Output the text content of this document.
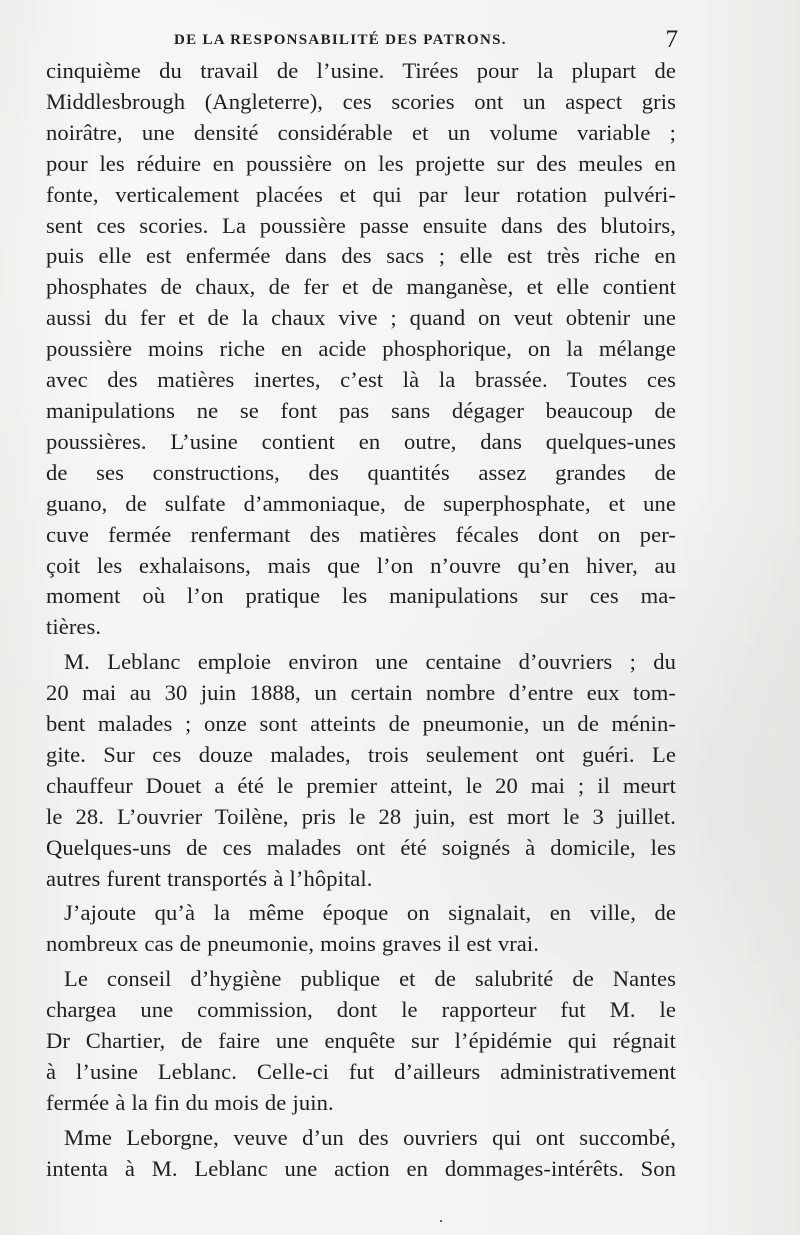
DE LA RESPONSABILITÉ DES PATRONS.	7
cinquième du travail de l’usine. Tirées pour la plupart de
Middlesbrough (Angleterre), ces scories ont un aspect gris
noirâtre, une densité considérable et un volume variable ;
pour les réduire en poussière on les projette sur des meules en
fonte, verticalement placées et qui par leur rotation pulvéri-
sent ces scories. La poussière passe ensuite dans des blutoirs,
puis elle est enfermée dans des sacs ; elle est très riche en
phosphates de chaux, de fer et de manganèse, et elle contient
aussi du fer et de la chaux vive ; quand on veut obtenir une
poussière moins riche en acide phosphorique, on la mélange
avec des matières inertes, c’est là la brassée. Toutes ces
manipulations ne se font pas sans dégager beaucoup de
poussières. L’usine contient en outre, dans quelques-unes
de ses constructions, des quantités assez grandes de
guano, de sulfate d’ammoniaque, de superphosphate, et une
cuve fermée renfermant des matières fécales dont on per-
çoit les exhalaisons, mais que l’on n’ouvre qu’en hiver, au
moment où l’on pratique les manipulations sur ces ma-
tières.
M. Leblanc emploie environ une centaine d’ouvriers ; du
20 mai au 30 juin 1888, un certain nombre d’entre eux tom-
bent malades ; onze sont atteints de pneumonie, un de ménin-
gite. Sur ces douze malades, trois seulement ont guéri. Le
chauffeur Douet a été le premier atteint, le 20 mai ; il meurt
le 28. L’ouvrier Toilène, pris le 28 juin, est mort le 3 juillet.
Quelques-uns de ces malades ont été soignés à domicile, les
autres furent transportés à l’hôpital.
J’ajoute qu’à la même époque on signalait, en ville, de
nombreux cas de pneumonie, moins graves il est vrai.
Le conseil d’hygiène publique et de salubrité de Nantes
chargea une commission, dont le rapporteur fut M. le
Dr Chartier, de faire une enquête sur l’épidémie qui régnait
à l’usine Leblanc. Celle-ci fut d’ailleurs administrativement
fermée à la fin du mois de juin.
Mme Leborgne, veuve d’un des ouvriers qui ont succombé,
intenta à M. Leblanc une action en dommages-intérêts. Son
